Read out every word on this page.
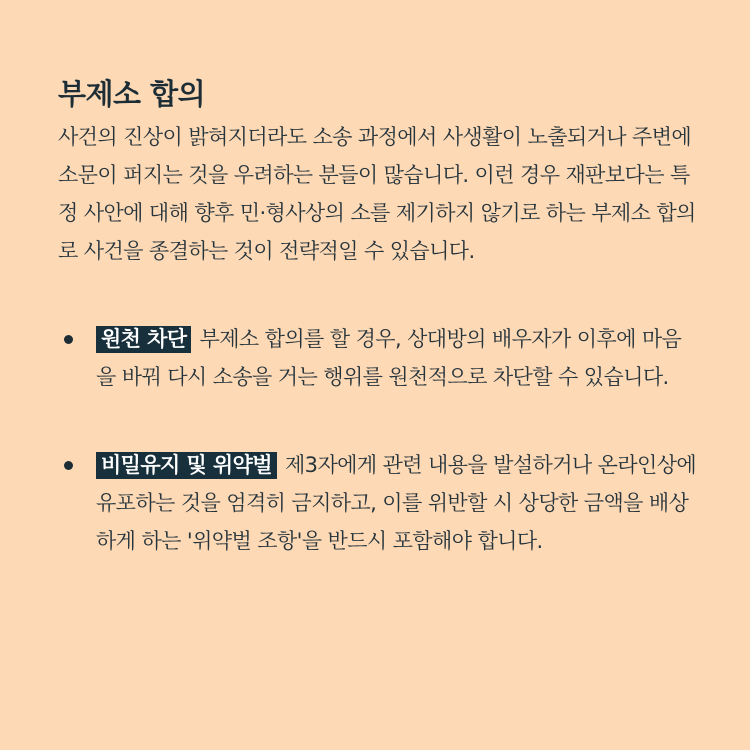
부제소 합의

사건의 진상이 밝혀지더라도 소송 과정에서 사생활이 노출되거나 주변에 소문이 퍼지는 것을 우려하는 분들이 많습니다. 이런 경우 재판보다는 특정 사안에 대해 향후 민·형사상의 소를 제기하지 않기로 하는 부제소 합의로 사건을 종결하는 것이 전략적일 수 있습니다.

원천 차단 부제소 합의를 할 경우, 상대방의 배우자가 이후에 마음을 바꿔 다시 소송을 거는 행위를 원천적으로 차단할 수 있습니다.
비밀유지 및 위약벌 제3자에게 관련 내용을 발설하거나 온라인상에 유포하는 것을 엄격히 금지하고, 이를 위반할 시 상당한 금액을 배상하게 하는 '위약벌 조항'을 반드시 포함해야 합니다.
